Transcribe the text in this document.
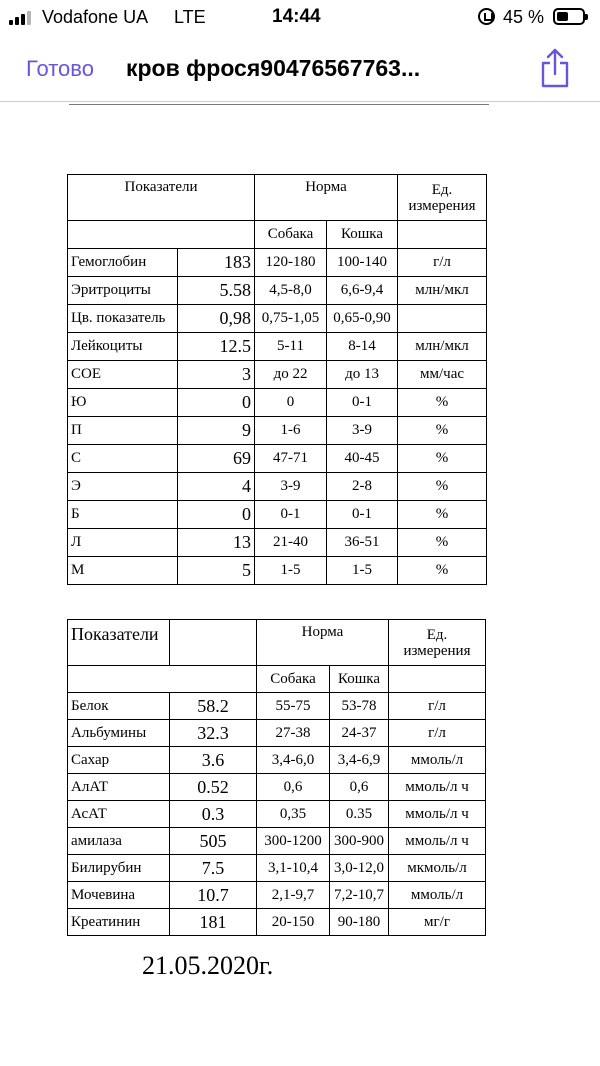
Vodafone UA LTE	14:44	45 %
Готово кров фрося90476567763...
Показатели		Норма		Ед.
измерения

		Собака	Кошка	
Гемоглобин	183	120-180	100-140	г/л
Эритроциты	5.58	4,5-8,0	6,6-9,4	млн/мкл
Цв. показатель	0,98	0,75-1,05	0,65-0,90	
Лейкоциты	12.5	5-11	8-14	млн/мкл
СОЕ	3	до 22	до 13	мм/час
Ю	0	0	0-1	%
П	9	1-6	3-9	%
С	69	47-71	40-45	%
Э	4	3-9	2-8	%
Б	0	0-1	0-1	%
Л	13	21-40	36-51	%
М	5	1-5	1-5	%
Показатели		Норма		Ед.
измерения

		Собака	Кошка	
Белок	58.2	55-75	53-78	г/л
Альбумины	32.3	27-38	24-37	г/л
Сахар	3.6	3,4-6,0	3,4-6,9	ммоль/л
АлАТ	0.52	0,6	0,6	ммоль/л ч
АсАТ	0.3	0,35	0.35	ммоль/л ч
амилаза	505	300-1200	300-900	ммоль/л ч
Билирубин	7.5	3,1-10,4	3,0-12,0	мкмоль/л
Мочевина	10.7	2,1-9,7	7,2-10,7	ммоль/л
Креатинин	181	20-150	90-180	мг/г
21.05.2020г.
